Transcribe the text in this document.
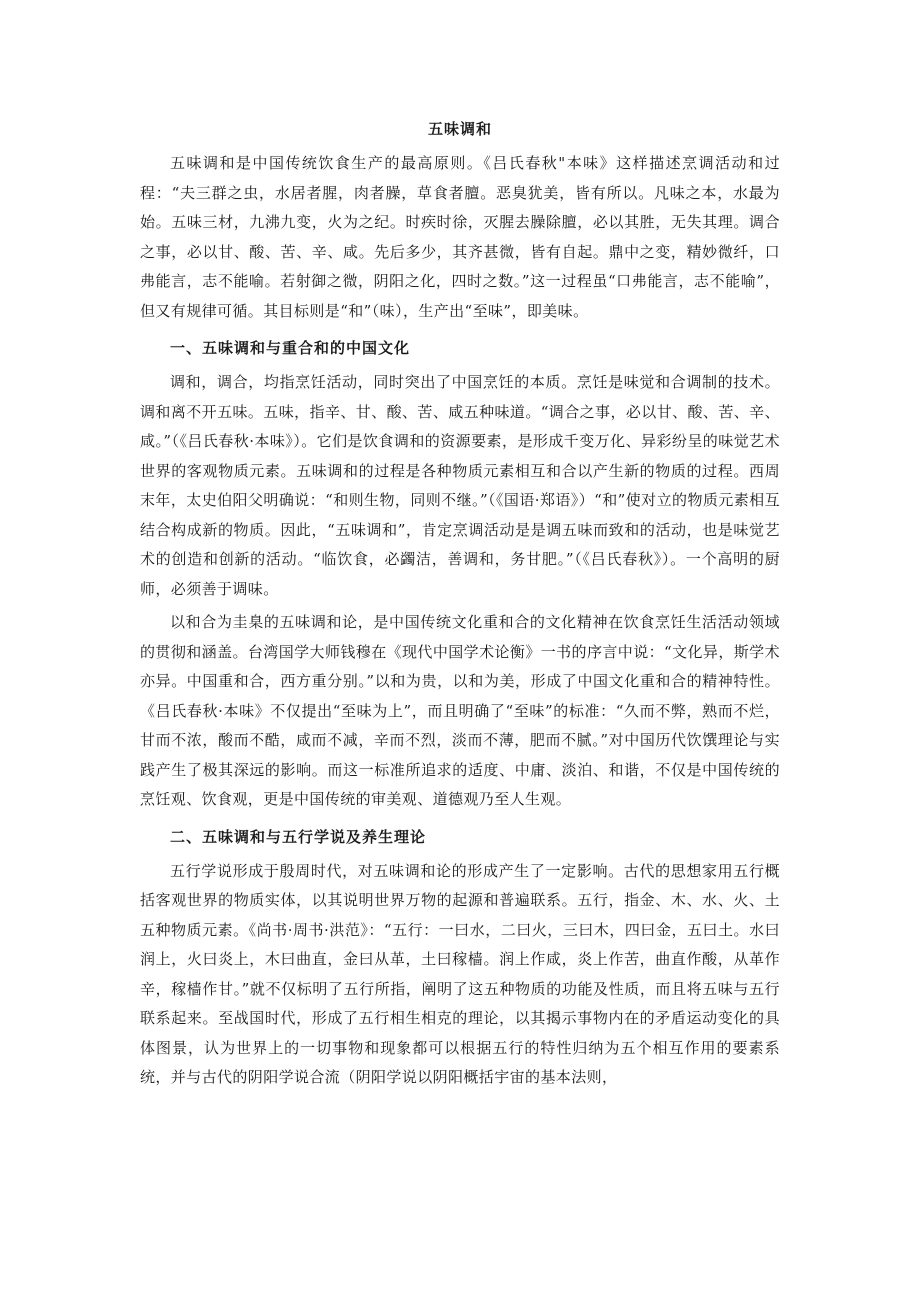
五味调和

五味调和是中国传统饮食生产的最高原则。《吕氏春秋"本味》这样描述烹调活动和过程：“夫三群之虫，水居者腥，肉者臊，草食者膻。恶臭犹美，皆有所以。凡味之本，水最为始。五味三材，九沸九变，火为之纪。时疾时徐，灭腥去臊除膻，必以其胜，无失其理。调合之事，必以甘、酸、苦、辛、咸。先后多少，其齐甚微，皆有自起。鼎中之变，精妙微纤，口弗能言，志不能喻。若射御之微，阴阳之化，四时之数。”这一过程虽“口弗能言，志不能喻”，但又有规律可循。其目标则是“和”（味），生产出“至味”，即美味。

一、五味调和与重合和的中国文化

调和，调合，均指烹饪活动，同时突出了中国烹饪的本质。烹饪是味觉和合调制的技术。调和离不开五味。五味，指辛、甘、酸、苦、咸五种味道。“调合之事，必以甘、酸、苦、辛、咸。”（《吕氏春秋·本味》）。它们是饮食调和的资源要素，是形成千变万化、异彩纷呈的味觉艺术世界的客观物质元素。五味调和的过程是各种物质元素相互和合以产生新的物质的过程。西周末年，太史伯阳父明确说：“和则生物，同则不继。”（《国语·郑语》）“和”使对立的物质元素相互结合构成新的物质。因此，“五味调和”，肯定烹调活动是是调五味而致和的活动，也是味觉艺术的创造和创新的活动。“临饮食，必蠲洁，善调和，务甘肥。”（《吕氏春秋》）。一个高明的厨师，必须善于调味。

以和合为圭臬的五味调和论，是中国传统文化重和合的文化精神在饮食烹饪生活活动领域的贯彻和涵盖。台湾国学大师钱穆在《现代中国学术论衡》一书的序言中说：“文化异，斯学术亦异。中国重和合，西方重分别。”以和为贵，以和为美，形成了中国文化重和合的精神特性。《吕氏春秋·本味》不仅提出“至味为上”，而且明确了“至味”的标准：“久而不弊，熟而不烂，甘而不浓，酸而不酷，咸而不减，辛而不烈，淡而不薄，肥而不腻。”对中国历代饮馔理论与实践产生了极其深远的影响。而这一标准所追求的适度、中庸、淡泊、和谐，不仅是中国传统的烹饪观、饮食观，更是中国传统的审美观、道德观乃至人生观。

二、五味调和与五行学说及养生理论

五行学说形成于殷周时代，对五味调和论的形成产生了一定影响。古代的思想家用五行概括客观世界的物质实体，以其说明世界万物的起源和普遍联系。五行，指金、木、水、火、土五种物质元素。《尚书·周书·洪范》：“五行：一曰水，二曰火，三曰木，四曰金，五曰土。水曰润上，火曰炎上，木曰曲直，金曰从革，土曰稼樯。润上作咸，炎上作苦，曲直作酸，从革作辛，稼樯作甘。”就不仅标明了五行所指，阐明了这五种物质的功能及性质，而且将五味与五行联系起来。至战国时代，形成了五行相生相克的理论，以其揭示事物内在的矛盾运动变化的具体图景，认为世界上的一切事物和现象都可以根据五行的特性归纳为五个相互作用的要素系统，并与古代的阴阳学说合流（阴阳学说以阴阳概括宇宙的基本法则，
